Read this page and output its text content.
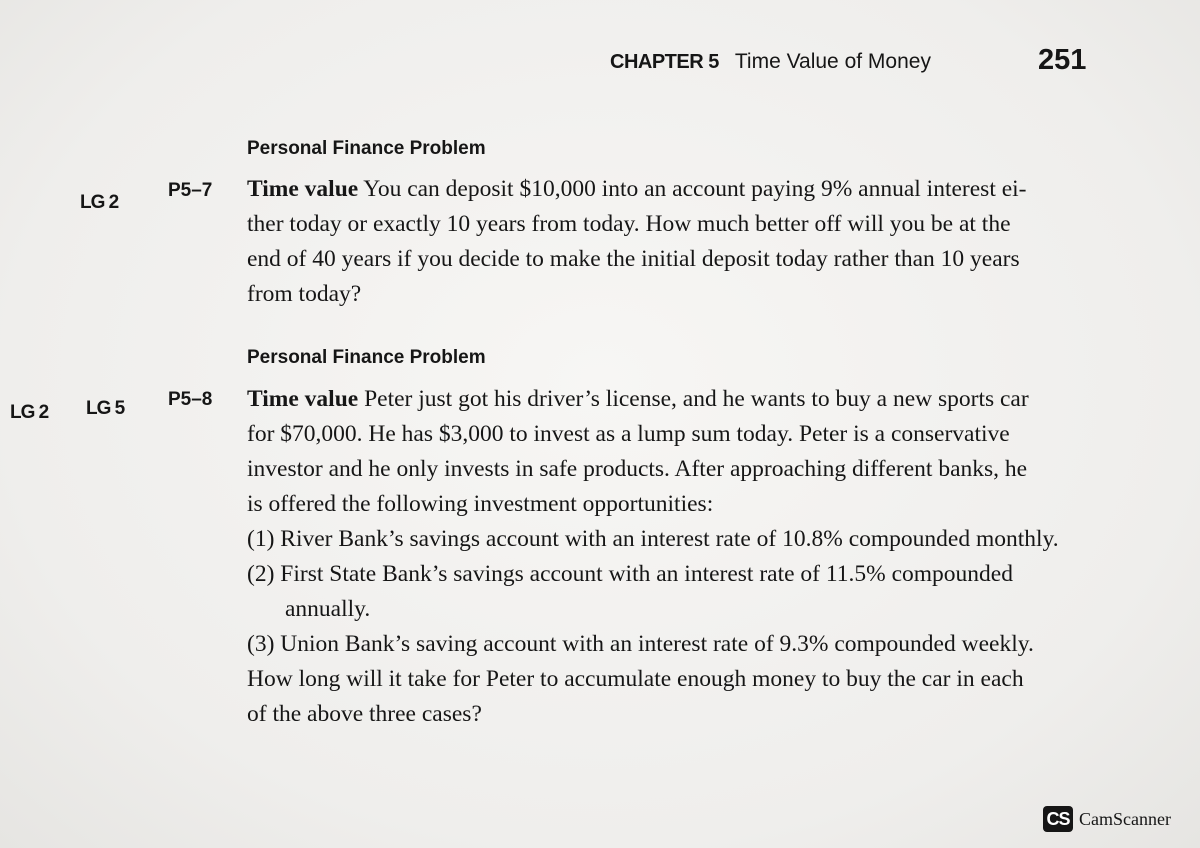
CHAPTER 5 Time Value of Money	251
Personal Finance Problem
LG 2
P5–7 Time value You can deposit $10,000 into an account paying 9% annual interest ei-
ther today or exactly 10 years from today. How much better off will you be at the
end of 40 years if you decide to make the initial deposit today rather than 10 years
from today?
Personal Finance Problem
LG 2 LG 5 P5–8 Time value Peter just got his driver’s license, and he wants to buy a new sports car
for $70,000. He has $3,000 to invest as a lump sum today. Peter is a conservative
investor and he only invests in safe products. After approaching different banks, he
is offered the following investment opportunities:
(1) River Bank’s savings account with an interest rate of 10.8% compounded monthly.
(2) First State Bank’s savings account with an interest rate of 11.5% compounded
annually.
(3) Union Bank’s saving account with an interest rate of 9.3% compounded weekly.
How long will it take for Peter to accumulate enough money to buy the car in each
of the above three cases?
CS CamScanner
